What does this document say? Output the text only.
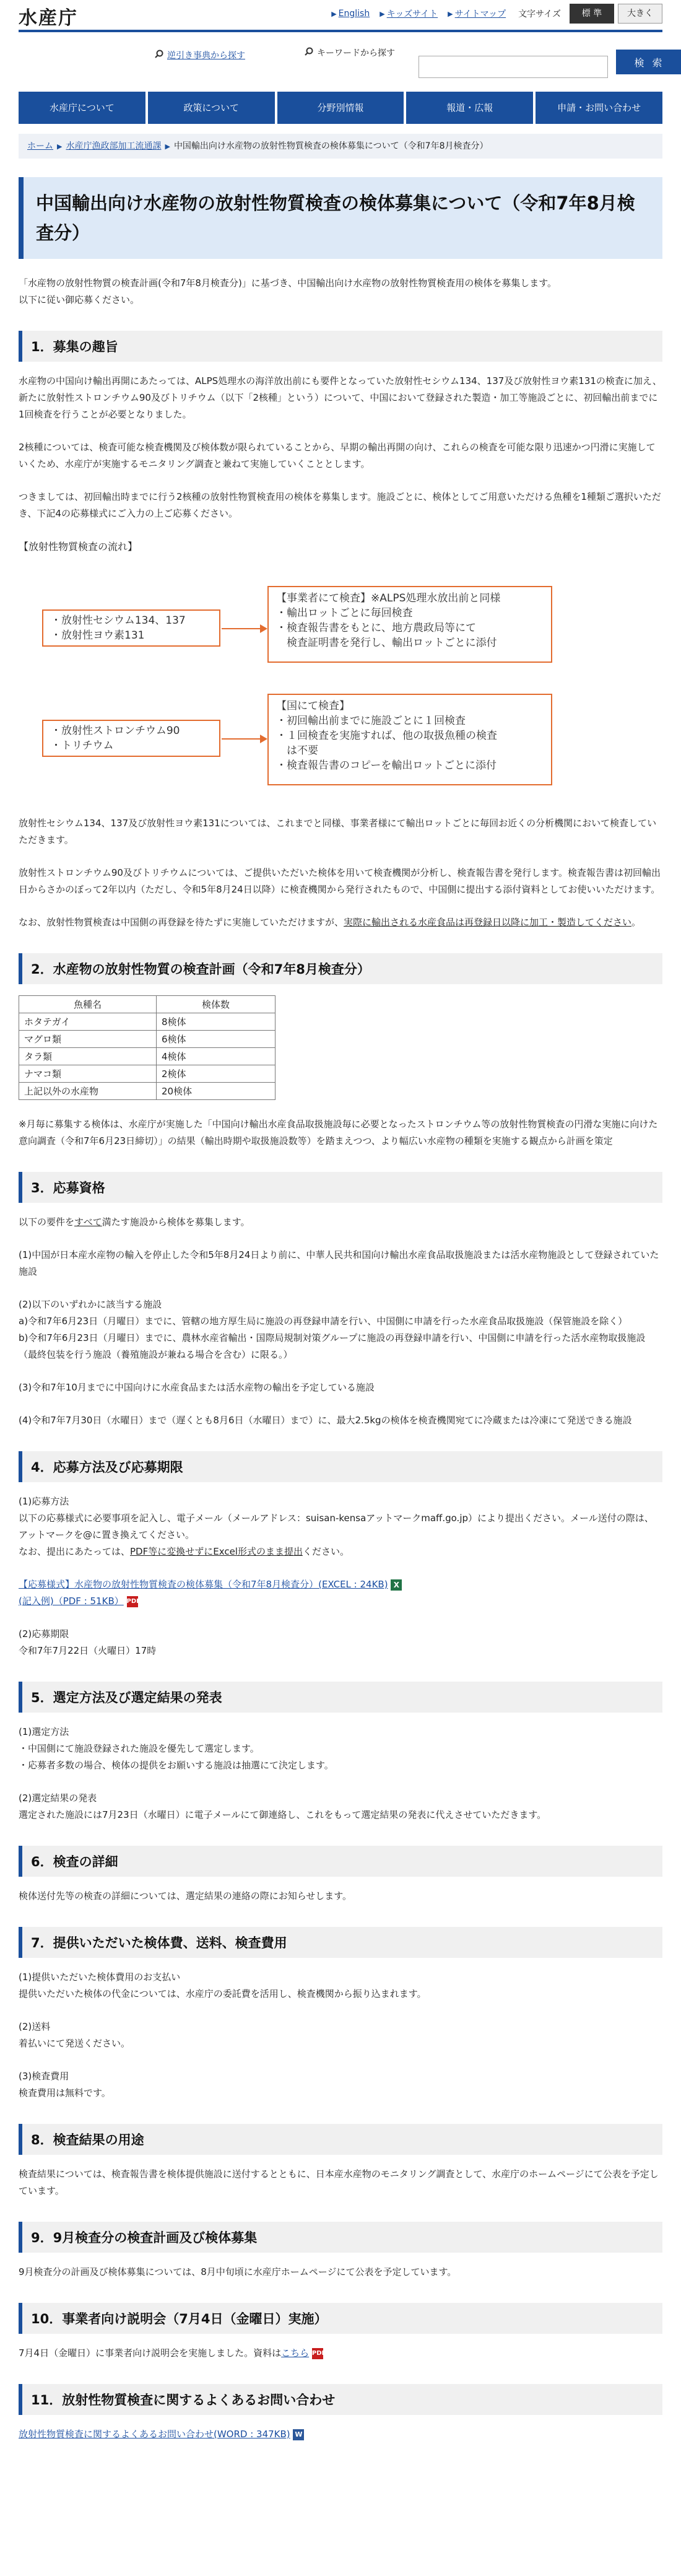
水産庁	▶ English ▶ キッズサイト ▶ サイトマップ 文字サイズ	標 準	大きく
逆引き事典から探す	キーワードから探す
検 索
水産庁について	政策について	分野別情報	報道・広報	申請・お問い合わせ
ホーム ▶ 水産庁漁政部加工流通課 ▶ 中国輸出向け水産物の放射性物質検査の検体募集について（令和7年8月検査分）
中国輸出向け水産物の放射性物質検査の検体募集について（令和7年8月検査分）

「水産物の放射性物質の検査計画(令和7年8月検査分)」に基づき、中国輸出向け水産物の放射性物質検査用の検体を募集します。
以下に従い御応募ください。

1．募集の趣旨

水産物の中国向け輸出再開にあたっては、ALPS処理水の海洋放出前にも要件となっていた放射性セシウム134、137及び放射性ヨウ素131の検査に加え、新たに放射性ストロンチウム90及びトリチウム（以下「2核種」という）について、中国において登録された製造・加工等施設ごとに、初回輸出前までに1回検査を行うことが必要となりました。

2核種については、検査可能な検査機関及び検体数が限られていることから、早期の輸出再開の向け、これらの検査を可能な限り迅速かつ円滑に実施していくため、水産庁が実施するモニタリング調査と兼ねて実施していくこととします。

つきましては、初回輸出時までに行う2核種の放射性物質検査用の検体を募集します。施設ごとに、検体としてご用意いただける魚種を1種類ご選択いただき、下記4の応募様式にご入力の上ご応募ください。

【放射性物質検査の流れ】

・放射性セシウム134、137
・放射性ヨウ素131
【事業者にて検査】※ALPS処理水放出前と同様
・輸出ロットごとに毎回検査
・検査報告書をもとに、地方農政局等にて
　検査証明書を発行し、輸出ロットごとに添付
・放射性ストロンチウム90
・トリチウム
【国にて検査】
・初回輸出前までに施設ごとに１回検査
・１回検査を実施すれば、他の取扱魚種の検査
　は不要
・検査報告書のコピーを輸出ロットごとに添付

放射性セシウム134、137及び放射性ヨウ素131については、これまでと同様、事業者様にて輸出ロットごとに毎回お近くの分析機関において検査していただきます。

放射性ストロンチウム90及びトリチウムについては、ご提供いただいた検体を用いて検査機関が分析し、検査報告書を発行します。検査報告書は初回輸出日からさかのぼって2年以内（ただし、令和5年8月24日以降）に検査機関から発行されたもので、中国側に提出する添付資料としてお使いいただけます。

なお、放射性物質検査は中国側の再登録を待たずに実施していただけますが、実際に輸出される水産食品は再登録日以降に加工・製造してください。

2．水産物の放射性物質の検査計画（令和7年8月検査分）
魚種名	検体数
ホタテガイ	8検体
マグロ類	6検体
タラ類	4検体
ナマコ類	2検体
上記以外の水産物	20検体

※月毎に募集する検体は、水産庁が実施した「中国向け輸出水産食品取扱施設毎に必要となったストロンチウム等の放射性物質検査の円滑な実施に向けた意向調査（令和7年6月23日締切）」の結果（輸出時期や取扱施設数等）を踏まえつつ、より幅広い水産物の種類を実施する観点から計画を策定

3．応募資格

以下の要件をすべて満たす施設から検体を募集します。

(1)中国が日本産水産物の輸入を停止した令和5年8月24日より前に、中華人民共和国向け輸出水産食品取扱施設または活水産物施設として登録されていた施設

(2)以下のいずれかに該当する施設
a)令和7年6月23日（月曜日）までに、管轄の地方厚生局に施設の再登録申請を行い、中国側に申請を行った水産食品取扱施設（保管施設を除く）
b)令和7年6月23日（月曜日）までに、農林水産省輸出・国際局規制対策グループに施設の再登録申請を行い、中国側に申請を行った活水産物取扱施設（最終包装を行う施設（養殖施設が兼ねる場合を含む）に限る。）

(3)令和7年10月までに中国向けに水産食品または活水産物の輸出を予定している施設

(4)令和7年7月30日（水曜日）まで（遅くとも8月6日（水曜日）まで）に、最大2.5kgの検体を検査機関宛てに冷蔵または冷凍にて発送できる施設

4．応募方法及び応募期限

(1)応募方法
以下の応募様式に必要事項を記入し、電子メール（メールアドレス：suisan-kensaアットマークmaff.go.jp）により提出ください。メール送付の際は、アットマークを@に置き換えてください。
なお、提出にあたっては、PDF等に変換せずにExcel形式のまま提出ください。

【応募様式】水産物の放射性物質検査の検体募集（令和7年8月検査分）(EXCEL : 24KB) X
(記入例)（PDF : 51KB） PDF

(2)応募期限
令和7年7月22日（火曜日）17時

5．選定方法及び選定結果の発表

(1)選定方法
・中国側にて施設登録された施設を優先して選定します。
・応募者多数の場合、検体の提供をお願いする施設は抽選にて決定します。

(2)選定結果の発表
選定された施設には7月23日（水曜日）に電子メールにて御連絡し、これをもって選定結果の発表に代えさせていただきます。

6．検査の詳細

検体送付先等の検査の詳細については、選定結果の連絡の際にお知らせします。

7．提供いただいた検体費、送料、検査費用

(1)提供いただいた検体費用のお支払い
提供いただいた検体の代金については、水産庁の委託費を活用し、検査機関から振り込まれます。

(2)送料
着払いにて発送ください。

(3)検査費用
検査費用は無料です。

8．検査結果の用途

検査結果については、検査報告書を検体提供施設に送付するとともに、日本産水産物のモニタリング調査として、水産庁のホームページにて公表を予定しています。

9．9月検査分の検査計画及び検体募集

9月検査分の計画及び検体募集については、8月中旬頃に水産庁ホームページにて公表を予定しています。

10．事業者向け説明会（7月4日（金曜日）実施）

7月4日（金曜日）に事業者向け説明会を実施しました。資料はこちら PDF

11．放射性物質検査に関するよくあるお問い合わせ

放射性物質検査に関するよくあるお問い合わせ(WORD : 347KB) W
